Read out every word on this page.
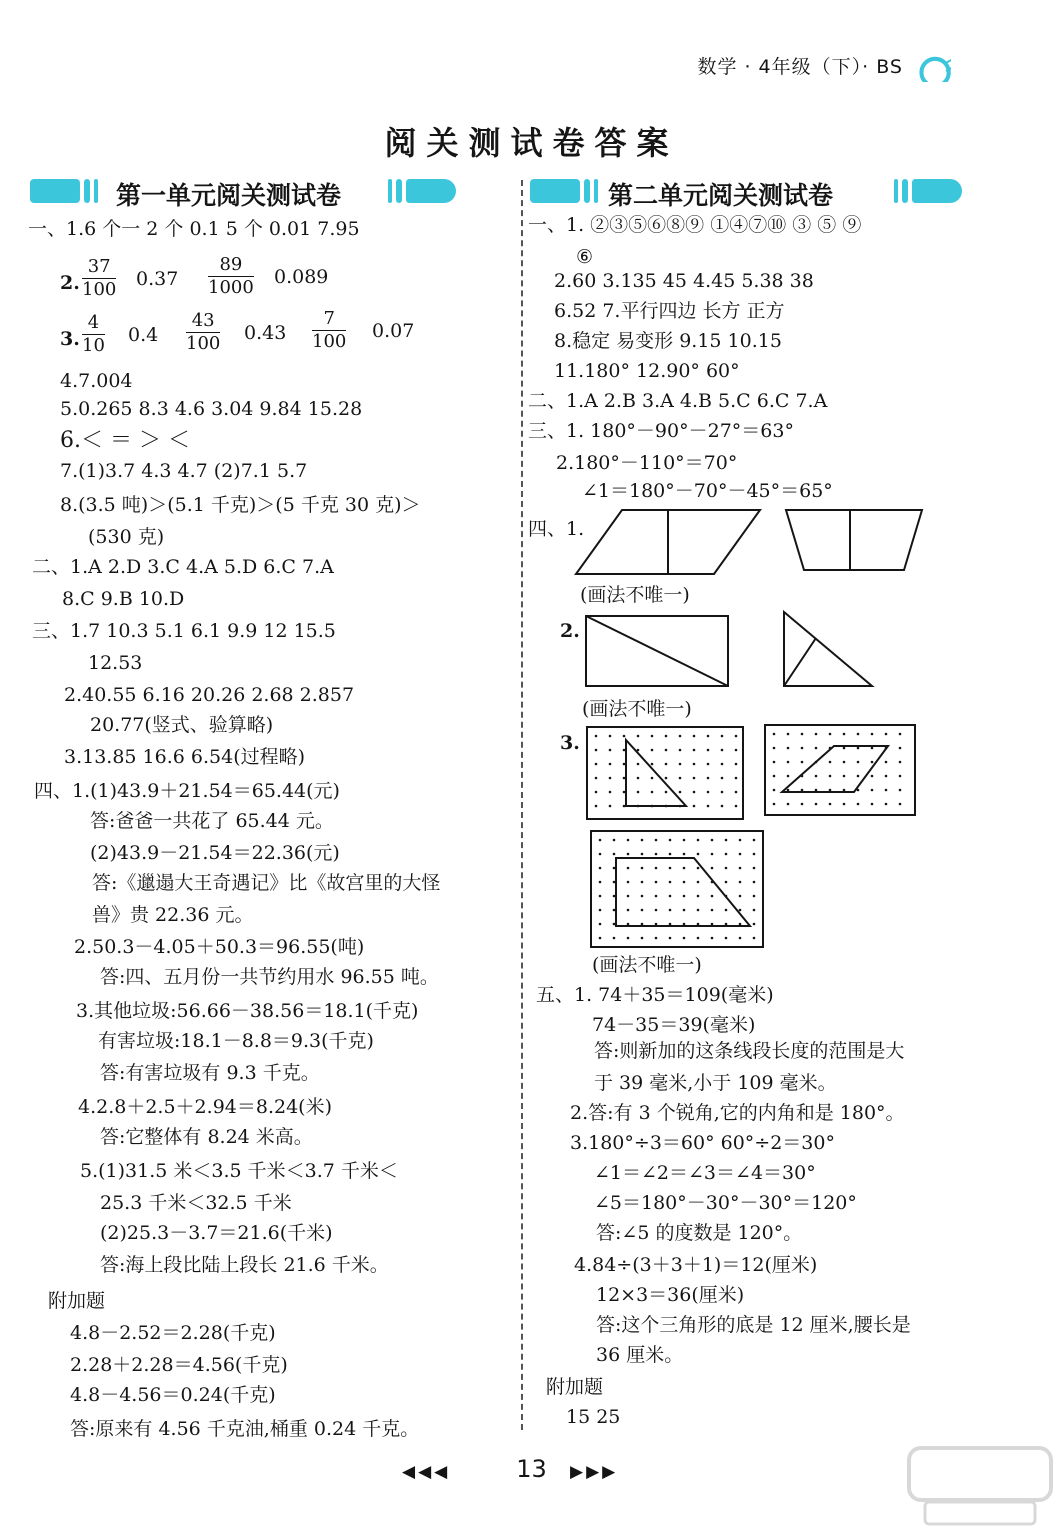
数学 · 4年级（下）· BS
阅关测试卷答案
第一单元阅关测试卷	第二单元阅关测试卷
一、1.6 个一 2 个 0.1 5 个 0.01 7.95
2. $\frac{37}{100} 0.37 \frac{89}{1000} 0.089$
3. $\frac{4}{10} 0.4 \frac{43}{100} 0.43 \frac{7}{100} 0.07$
4.7.004
5.0.265 8.3 4.6 3.04 9.84 15.28
6.＜ ＝ ＞ ＜
7.(1)3.7 4.3 4.7 (2)7.1 5.7
8.(3.5 吨)＞(5.1 千克)＞(5 千克 30 克)＞
(530 克)
二、1.A 2.D 3.C 4.A 5.D 6.C 7.A
8.C 9.B 10.D
三、1.7 10.3 5.1 6.1 9.9 12 15.5
12.53
2.40.55 6.16 20.26 2.68 2.857
20.77(竖式、验算略)
3.13.85 16.6 6.54(过程略)
四、1.(1)43.9＋21.54＝65.44(元)
答:爸爸一共花了 65.44 元。
(2)43.9－21.54＝22.36(元)
答:《邋遢大王奇遇记》比《故宫里的大怪
兽》贵 22.36 元。
2.50.3－4.05＋50.3＝96.55(吨)
答:四、五月份一共节约用水 96.55 吨。
3.其他垃圾:56.66－38.56＝18.1(千克)
有害垃圾:18.1－8.8＝9.3(千克)
答:有害垃圾有 9.3 千克。
4.2.8＋2.5＋2.94＝8.24(米)
答:它整体有 8.24 米高。
5.(1)31.5 米＜3.5 千米＜3.7 千米＜
25.3 千米＜32.5 千米
(2)25.3－3.7＝21.6(千米)
答:海上段比陆上段长 21.6 千米。
附加题
4.8－2.52＝2.28(千克)
2.28＋2.28＝4.56(千克)
4.8－4.56＝0.24(千克)
答:原来有 4.56 千克油,桶重 0.24 千克。
一、1. ②③⑤⑥⑧⑨ ①④⑦⑩ ③ ⑤ ⑨
⑥
2.60 3.135 45 4.45 5.38 38
6.52 7.平行四边 长方 正方
8.稳定 易变形 9.15 10.15
11.180° 12.90° 60°
二、1.A 2.B 3.A 4.B 5.C 6.C 7.A
三、1. 180°－90°－27°＝63°
2.180°－110°＝70°
∠1＝180°－70°－45°＝65°
四、1.
(画法不唯一)
2.
(画法不唯一)
3.
(画法不唯一)
五、1. 74＋35＝109(毫米)
74－35＝39(毫米)
答:则新加的这条线段长度的范围是大
于 39 毫米,小于 109 毫米。
2.答:有 3 个锐角,它的内角和是 180°。
3.180°÷3＝60° 60°÷2＝30°
∠1＝∠2＝∠3＝∠4＝30°
∠5＝180°－30°－30°＝120°
答:∠5 的度数是 120°。
4.84÷(3＋3＋1)＝12(厘米)
12×3＝36(厘米)
答:这个三角形的底是 12 厘米,腰长是
36 厘米。
附加题
15 25
◀◀◀	13	▶▶▶
